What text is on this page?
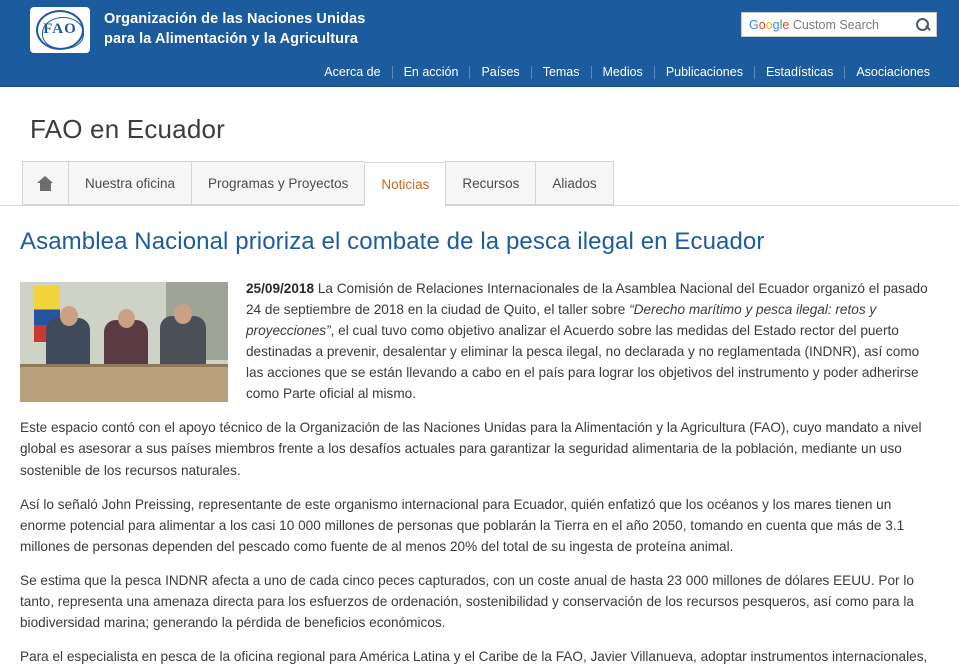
FAO
Organización de las Naciones Unidas
para la Alimentación y la Agricultura
Google Custom Search
Acerca de	En acción	Países	Temas	Medios	Publicaciones	Estadísticas	Asociaciones
FAO en Ecuador
Nuestra oficina	Programas y Proyectos	Noticias	Recursos	Aliados
Asamblea Nacional prioriza el combate de la pesca ilegal en Ecuador

25/09/2018 La Comisión de Relaciones Internacionales de la Asamblea Nacional del Ecuador organizó el pasado 24 de septiembre de 2018 en la ciudad de Quito, el taller sobre “Derecho marítimo y pesca ilegal: retos y proyecciones”, el cual tuvo como objetivo analizar el Acuerdo sobre las medidas del Estado rector del puerto destinadas a prevenir, desalentar y eliminar la pesca ilegal, no declarada y no reglamentada (INDNR), así como las acciones que se están llevando a cabo en el país para lograr los objetivos del instrumento y poder adherirse como Parte oficial al mismo.

Este espacio contó con el apoyo técnico de la Organización de las Naciones Unidas para la Alimentación y la Agricultura (FAO), cuyo mandato a nivel global es asesorar a sus países miembros frente a los desafíos actuales para garantizar la seguridad alimentaria de la población, mediante un uso sostenible de los recursos naturales.

Así lo señaló John Preissing, representante de este organismo internacional para Ecuador, quién enfatizó que los océanos y los mares tienen un enorme potencial para alimentar a los casi 10 000 millones de personas que poblarán la Tierra en el año 2050, tomando en cuenta que más de 3.1 millones de personas dependen del pescado como fuente de al menos 20% del total de su ingesta de proteína animal.

Se estima que la pesca INDNR afecta a uno de cada cinco peces capturados, con un coste anual de hasta 23 000 millones de dólares EEUU. Por lo tanto, representa una amenaza directa para los esfuerzos de ordenación, sostenibilidad y conservación de los recursos pesqueros, así como para la biodiversidad marina; generando la pérdida de beneficios económicos.

Para el especialista en pesca de la oficina regional para América Latina y el Caribe de la FAO, Javier Villanueva, adoptar instrumentos internacionales,
